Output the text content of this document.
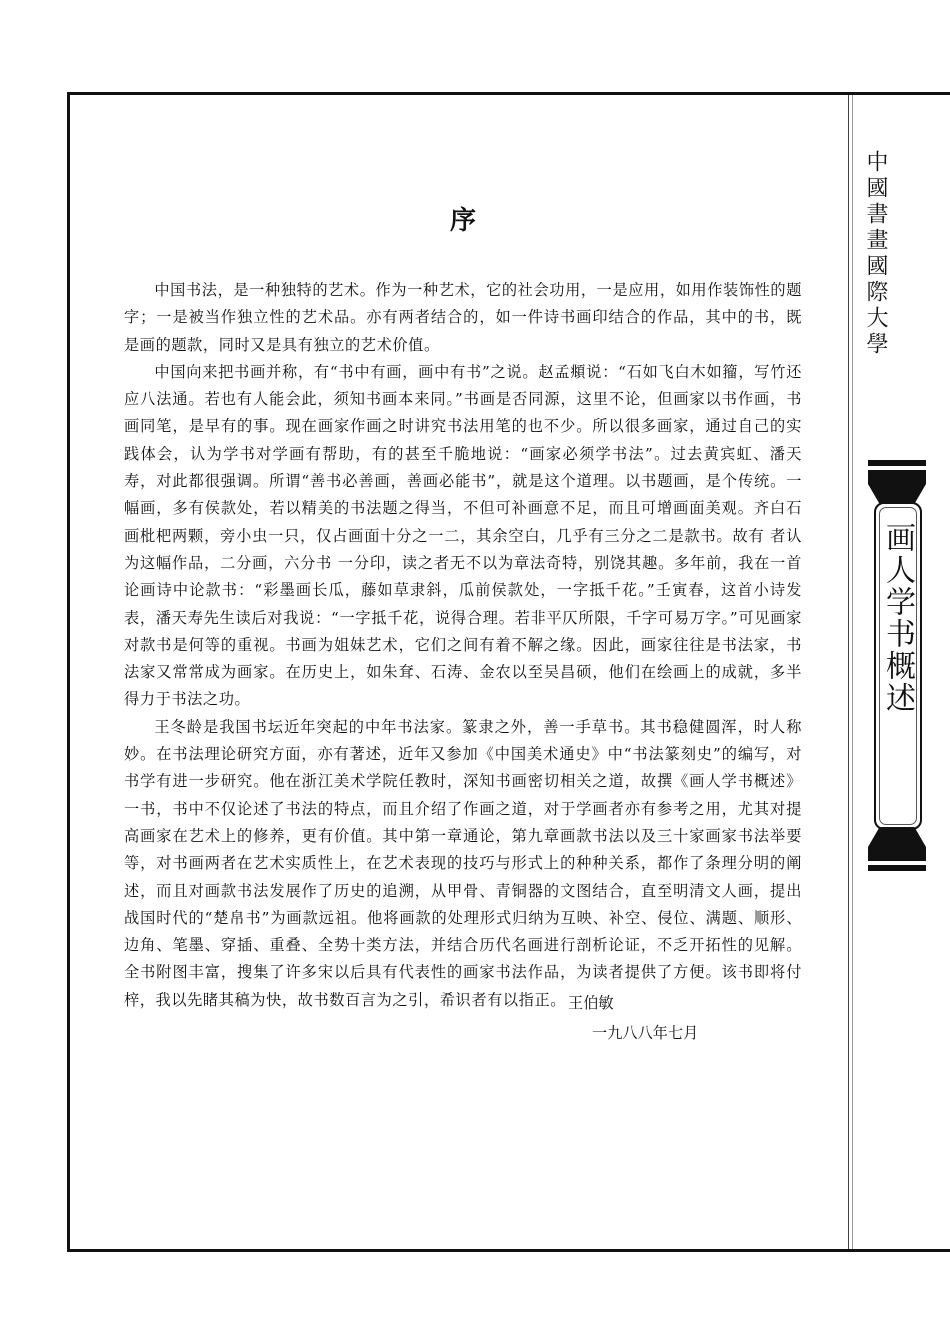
中國書畫國際大學
画人学书概述
序

中国书法，是一种独特的艺术。作为一种艺术，它的社会功用，一是应用，如用作装饰性的题字；一是被当作独立性的艺术品。亦有两者结合的，如一件诗书画印结合的作品，其中的书，既是画的题款，同时又是具有独立的艺术价值。

中国向来把书画并称，有“书中有画，画中有书”之说。赵孟頫说：“石如飞白木如籀，写竹还应八法通。若也有人能会此，须知书画本来同。”书画是否同源，这里不论，但画家以书作画，书画同笔，是早有的事。现在画家作画之时讲究书法用笔的也不少。所以很多画家，通过自己的实践体会，认为学书对学画有帮助，有的甚至千脆地说：“画家必须学书法”。过去黄宾虹、潘天寿，对此都很强调。所谓“善书必善画，善画必能书”，就是这个道理。以书题画，是个传统。一幅画，多有侯款处，若以精美的书法题之得当，不但可补画意不足，而且可增画面美观。齐白石画枇杷两颗，旁小虫一只，仅占画面十分之一二，其余空白，几乎有三分之二是款书。故有 者认为这幅作品，二分画，六分书 一分印，读之者无不以为章法奇特，别饶其趣。多年前，我在一首论画诗中论款书：“彩墨画长瓜，藤如草隶斜，瓜前侯款处，一字抵千花。”壬寅春，这首小诗发表，潘天寿先生读后对我说：“一字抵千花，说得合理。若非平仄所限，千字可易万字。”可见画家对款书是何等的重视。书画为姐妹艺术，它们之间有着不解之缘。因此，画家往往是书法家，书法家又常常成为画家。在历史上，如朱耷、石涛、金农以至吴昌硕，他们在绘画上的成就，多半得力于书法之功。

王冬龄是我国书坛近年突起的中年书法家。篆隶之外，善一手草书。其书稳健圆浑，时人称妙。在书法理论研究方面，亦有著述，近年又参加《中国美术通史》中“书法篆刻史”的编写，对书学有进一步研究。他在浙江美术学院任教时，深知书画密切相关之道，故撰《画人学书概述》一书，书中不仅论述了书法的特点，而且介绍了作画之道，对于学画者亦有参考之用，尤其对提高画家在艺术上的修养，更有价值。其中第一章通论，第九章画款书法以及三十家画家书法举要等，对书画两者在艺术实质性上，在艺术表现的技巧与形式上的种种关系，都作了条理分明的阐述，而且对画款书法发展作了历史的追溯，从甲骨、青铜器的文图结合，直至明清文人画，提出战国时代的“楚帛书”为画款远祖。他将画款的处理形式归纳为互映、补空、侵位、满题、顺形、边角、笔墨、穿插、重叠、全势十类方法，并结合历代名画进行剖析论证，不乏开拓性的见解。全书附图丰富，搜集了许多宋以后具有代表性的画家书法作品，为读者提供了方便。该书即将付梓，我以先睹其稿为快，故书数百言为之引，希识者有以指正。 王伯敏

一九八八年七月
